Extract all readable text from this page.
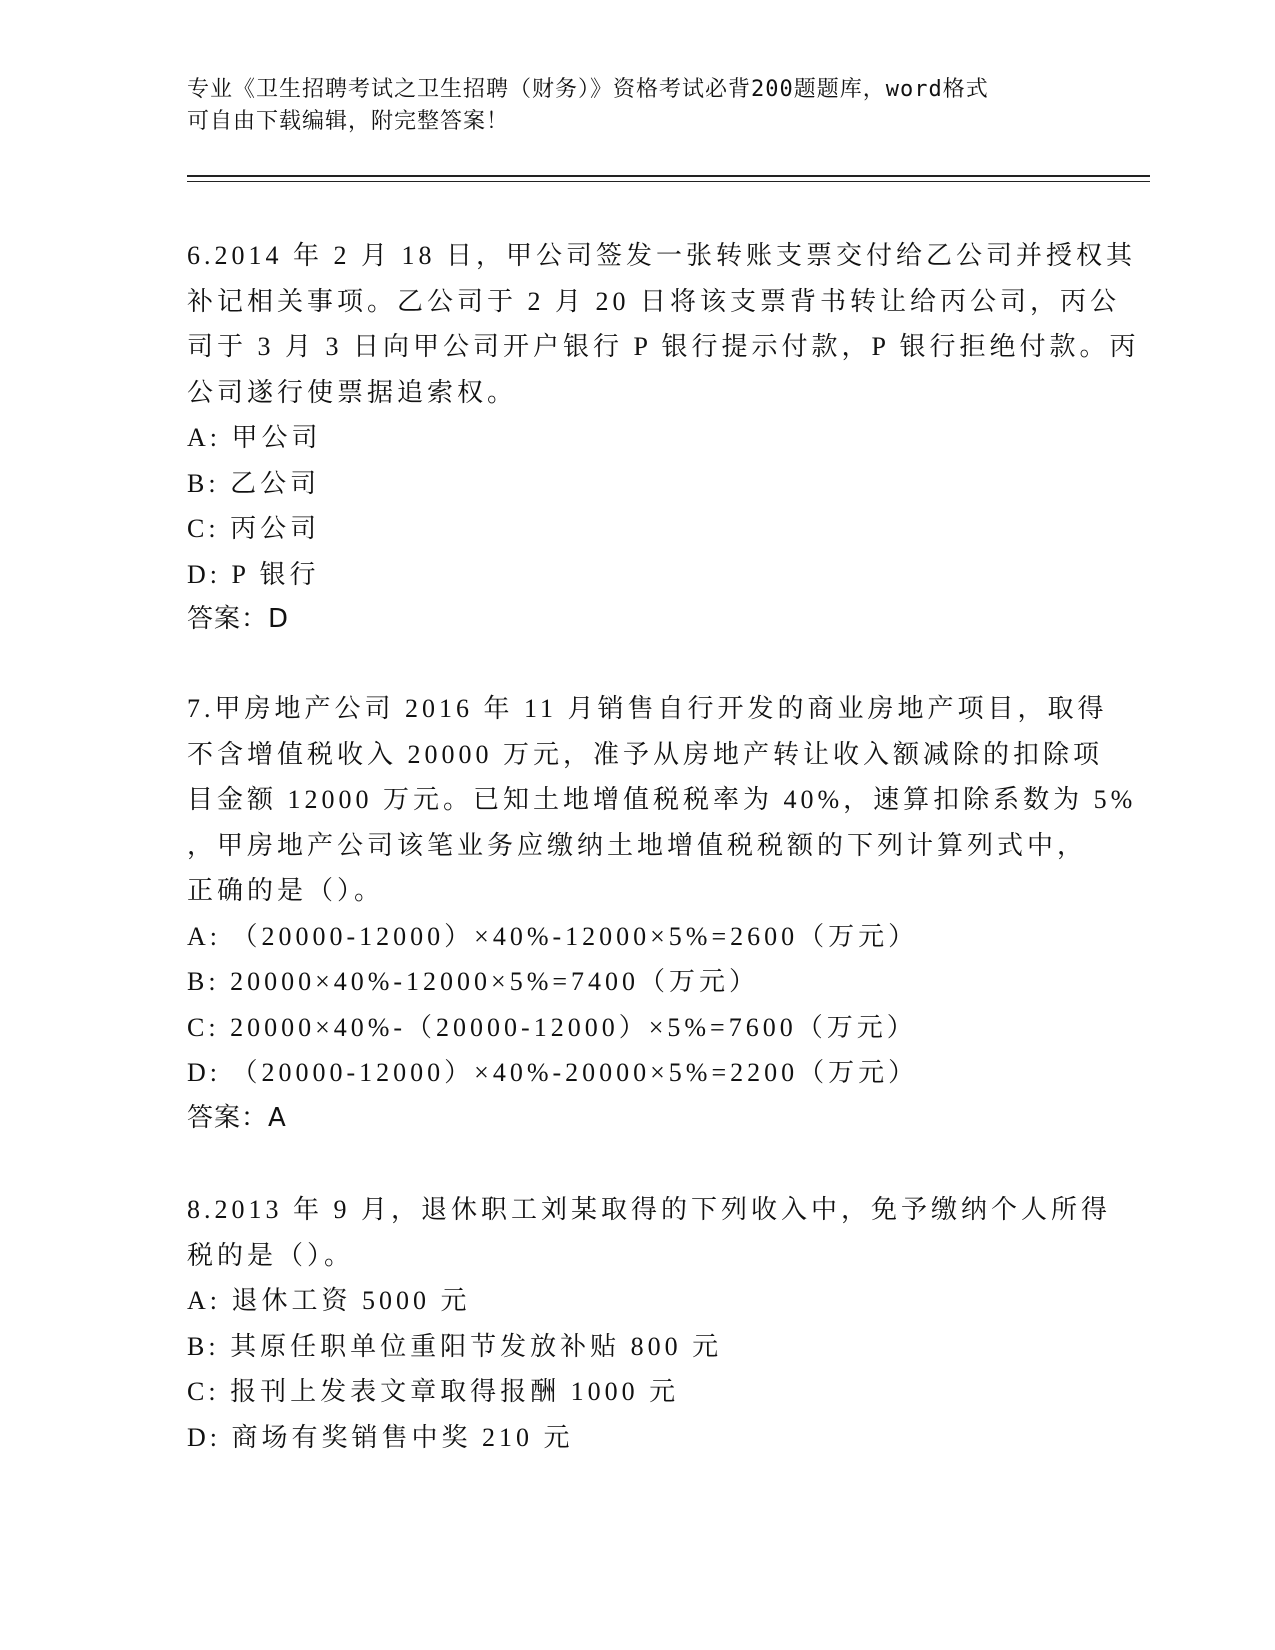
专业《卫生招聘考试之卫生招聘（财务）》资格考试必背200题题库，word格式
可自由下载编辑，附完整答案！
6.2014 年 2 月 18 日，甲公司签发一张转账支票交付给乙公司并授权其
补记相关事项。乙公司于 2 月 20 日将该支票背书转让给丙公司，丙公
司于 3 月 3 日向甲公司开户银行 P 银行提示付款，P 银行拒绝付款。丙
公司遂行使票据追索权。
A: 甲公司
B: 乙公司
C: 丙公司
D: P 银行
答案：D
7.甲房地产公司 2016 年 11 月销售自行开发的商业房地产项目，取得
不含增值税收入 20000 万元，准予从房地产转让收入额减除的扣除项
目金额 12000 万元。已知土地增值税税率为 40%，速算扣除系数为 5%
，甲房地产公司该笔业务应缴纳土地增值税税额的下列计算列式中，
正确的是（）。
A: （20000-12000）×40%-12000×5%=2600（万元）
B: 20000×40%-12000×5%=7400（万元）
C: 20000×40%-（20000-12000）×5%=7600（万元）
D: （20000-12000）×40%-20000×5%=2200（万元）
答案：A
8.2013 年 9 月，退休职工刘某取得的下列收入中，免予缴纳个人所得
税的是（）。
A: 退休工资 5000 元
B: 其原任职单位重阳节发放补贴 800 元
C: 报刊上发表文章取得报酬 1000 元
D: 商场有奖销售中奖 210 元
